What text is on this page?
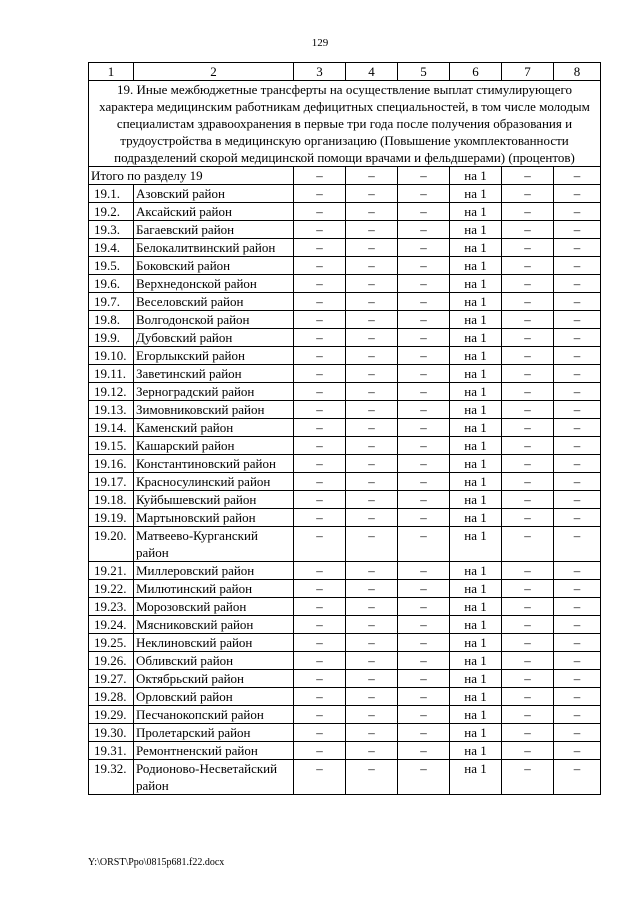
129
1	2	3	4	5	6	7	8
19. Иные межбюджетные трансферты на осуществление выплат стимулирующего характера медицинским работникам дефицитных специальностей, в том числе молодым специалистам здравоохранения в первые три года после получения образования и трудоустройства в медицинскую организацию (Повышение укомплектованности подразделений скорой медицинской помощи врачами и фельдшерами) (процентов)							
Итого по разделу 19		–	–	–	на 1	–	–
19.1.	Азовский район	–	–	–	на 1	–	–
19.2.	Аксайский район	–	–	–	на 1	–	–
19.3.	Багаевский район	–	–	–	на 1	–	–
19.4.	Белокалитвинский район	–	–	–	на 1	–	–
19.5.	Боковский район	–	–	–	на 1	–	–
19.6.	Верхнедонской район	–	–	–	на 1	–	–
19.7.	Веселовский район	–	–	–	на 1	–	–
19.8.	Волгодонской район	–	–	–	на 1	–	–
19.9.	Дубовский район	–	–	–	на 1	–	–
19.10.	Егорлыкский район	–	–	–	на 1	–	–
19.11.	Заветинский район	–	–	–	на 1	–	–
19.12.	Зерноградский район	–	–	–	на 1	–	–
19.13.	Зимовниковский район	–	–	–	на 1	–	–
19.14.	Каменский район	–	–	–	на 1	–	–
19.15.	Кашарский район	–	–	–	на 1	–	–
19.16.	Константиновский район	–	–	–	на 1	–	–
19.17.	Красносулинский район	–	–	–	на 1	–	–
19.18.	Куйбышевский район	–	–	–	на 1	–	–
19.19.	Мартыновский район	–	–	–	на 1	–	–
19.20.	Матвеево-Курганский район	–	–	–	на 1	–	–
19.21.	Миллеровский район	–	–	–	на 1	–	–
19.22.	Милютинский район	–	–	–	на 1	–	–
19.23.	Морозовский район	–	–	–	на 1	–	–
19.24.	Мясниковский район	–	–	–	на 1	–	–
19.25.	Неклиновский район	–	–	–	на 1	–	–
19.26.	Обливский район	–	–	–	на 1	–	–
19.27.	Октябрьский район	–	–	–	на 1	–	–
19.28.	Орловский район	–	–	–	на 1	–	–
19.29.	Песчанокопский район	–	–	–	на 1	–	–
19.30.	Пролетарский район	–	–	–	на 1	–	–
19.31.	Ремонтненский район	–	–	–	на 1	–	–
19.32.	Родионово-Несветайский район	–	–	–	на 1	–	–
Y:\ORST\Ppo\0815p681.f22.docx
